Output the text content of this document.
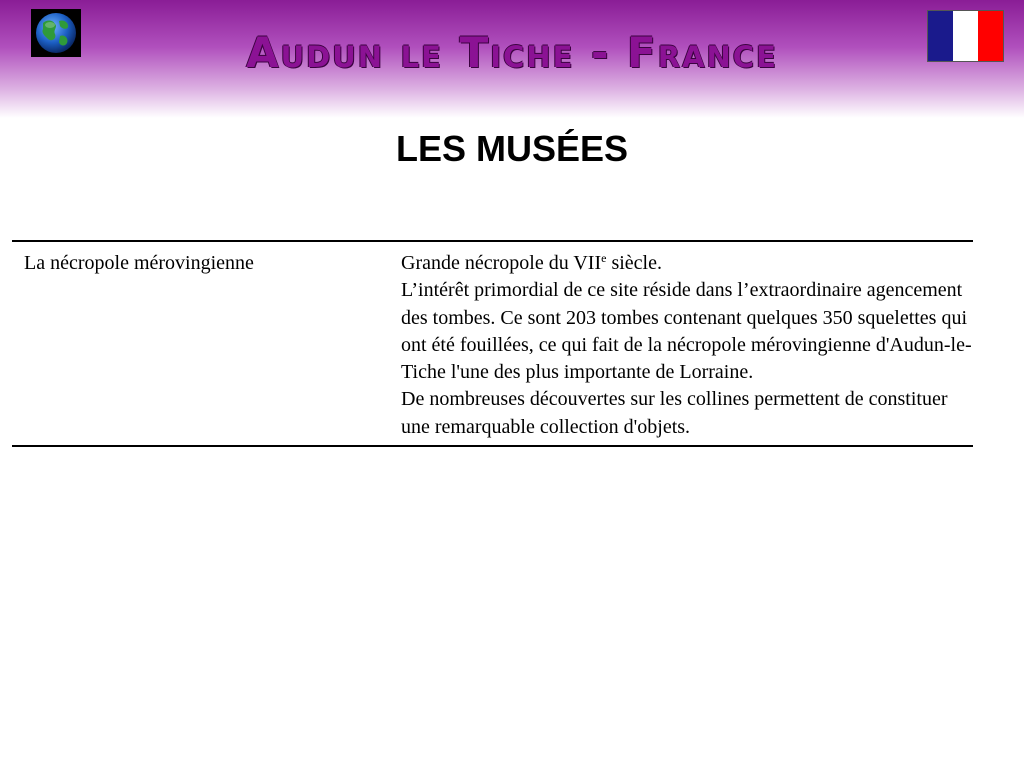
Audun le Tiche - France
LES MUSÉES
La nécropole mérovingienne	Grande nécropole du VIIe siècle.

L’intérêt primordial de ce site réside dans l’extraordinaire agencement des tombes. Ce sont 203 tombes contenant quelques 350 squelettes qui ont été fouillées, ce qui fait de la nécropole mérovingienne d'Audun-le-Tiche l'une des plus importante de Lorraine.

De nombreuses découvertes sur les collines permettent de constituer une remarquable collection d'objets.
